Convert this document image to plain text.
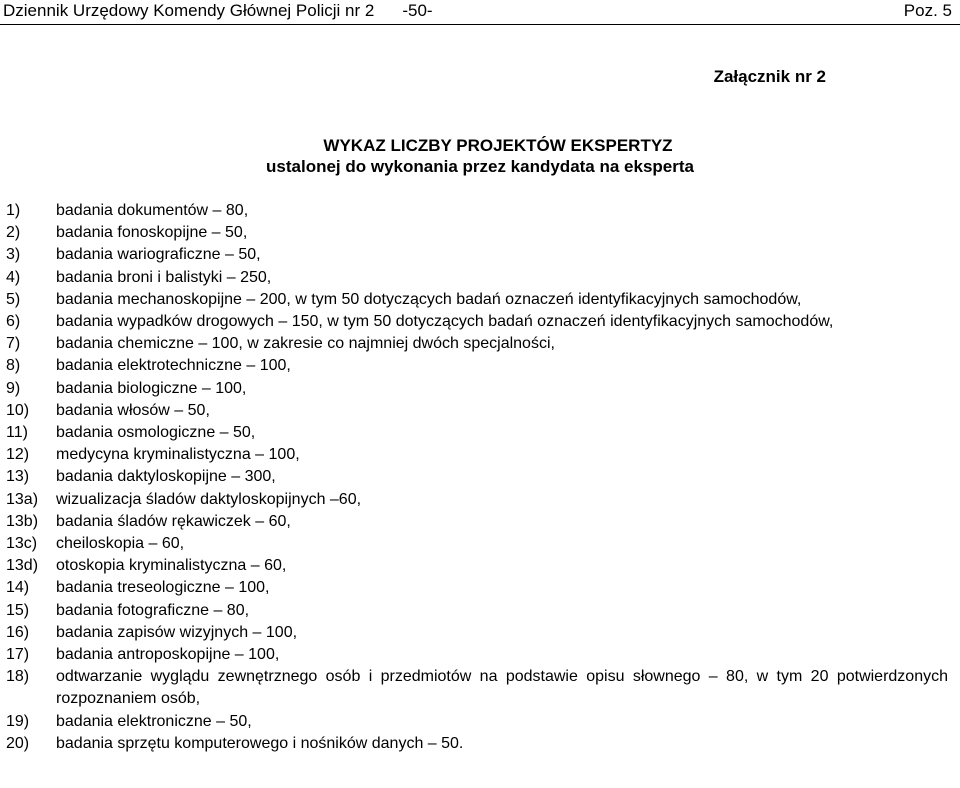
Dziennik Urzędowy Komendy Głównej Policji nr 2 -50-	Poz. 5
Załącznik nr 2
WYKAZ LICZBY PROJEKTÓW EKSPERTYZ
ustalonej do wykonania przez kandydata na eksperta
1)	badania dokumentów – 80,
2)	badania fonoskopijne – 50,
3)	badania wariograficzne – 50,
4)	badania broni i balistyki – 250,
5)	badania mechanoskopijne – 200, w tym 50 dotyczących badań oznaczeń identyfikacyjnych samochodów,
6)	badania wypadków drogowych – 150, w tym 50 dotyczących badań oznaczeń identyfikacyjnych samochodów,
7)	badania chemiczne – 100, w zakresie co najmniej dwóch specjalności,
8)	badania elektrotechniczne – 100,
9)	badania biologiczne – 100,
10)	badania włosów – 50,
11)	badania osmologiczne – 50,
12)	medycyna kryminalistyczna – 100,
13)	badania daktyloskopijne – 300,
13a)	wizualizacja śladów daktyloskopijnych –60,
13b)	badania śladów rękawiczek – 60,
13c)	cheiloskopia – 60,
13d)	otoskopia kryminalistyczna – 60,
14)	badania treseologiczne – 100,
15)	badania fotograficzne – 80,
16)	badania zapisów wizyjnych – 100,
17)	badania antroposkopijne – 100,
18)	odtwarzanie wyglądu zewnętrznego osób i przedmiotów na podstawie opisu słownego – 80, w tym 20 potwierdzonych rozpoznaniem osób,
19)	badania elektroniczne – 50,
20)	badania sprzętu komputerowego i nośników danych – 50.
